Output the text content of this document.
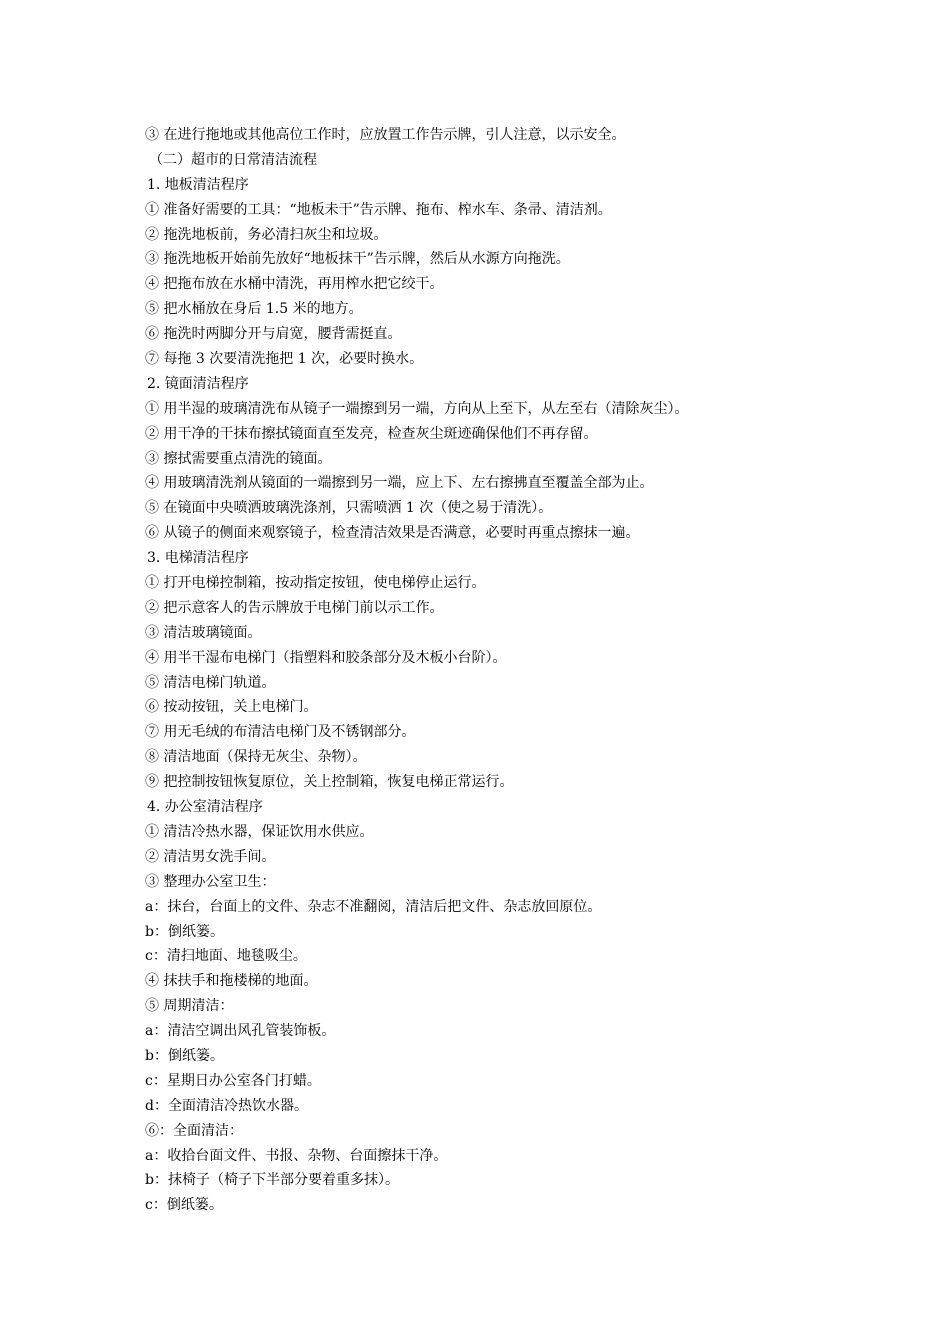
③ 在进行拖地或其他高位工作时，应放置工作告示牌，引人注意，以示安全。
（二）超市的日常清洁流程
1. 地板清洁程序
① 准备好需要的工具：“地板未干”告示牌、拖布、榨水车、条帚、清洁剂。
② 拖洗地板前，务必清扫灰尘和垃圾。
③ 拖洗地板开始前先放好“地板抹干”告示牌，然后从水源方向拖洗。
④ 把拖布放在水桶中清洗，再用榨水把它绞干。
⑤ 把水桶放在身后 1.5 米的地方。
⑥ 拖洗时两脚分开与肩宽，腰背需挺直。
⑦ 每拖 3 次要清洗拖把 1 次，必要时换水。
2. 镜面清洁程序
① 用半湿的玻璃清洗布从镜子一端擦到另一端，方向从上至下，从左至右（清除灰尘）。
② 用干净的干抹布擦拭镜面直至发亮，检查灰尘斑迹确保他们不再存留。
③ 擦拭需要重点清洗的镜面。
④ 用玻璃清洗剂从镜面的一端擦到另一端，应上下、左右擦拂直至覆盖全部为止。
⑤ 在镜面中央喷洒玻璃洗涤剂，只需喷洒 1 次（使之易于清洗）。
⑥ 从镜子的侧面来观察镜子，检查清洁效果是否满意，必要时再重点擦抹一遍。
3. 电梯清洁程序
① 打开电梯控制箱，按动指定按钮，使电梯停止运行。
② 把示意客人的告示牌放于电梯门前以示工作。
③ 清洁玻璃镜面。
④ 用半干湿布电梯门（指塑料和胶条部分及木板小台阶）。
⑤ 清洁电梯门轨道。
⑥ 按动按钮，关上电梯门。
⑦ 用无毛绒的布清洁电梯门及不锈钢部分。
⑧ 清洁地面（保持无灰尘、杂物）。
⑨ 把控制按钮恢复原位，关上控制箱，恢复电梯正常运行。
4. 办公室清洁程序
① 清洁冷热水器，保证饮用水供应。
② 清洁男女洗手间。
③ 整理办公室卫生：
a：抹台，台面上的文件、杂志不准翻阅，清洁后把文件、杂志放回原位。
b：倒纸篓。
c：清扫地面、地毯吸尘。
④ 抹扶手和拖楼梯的地面。
⑤ 周期清洁：
a：清洁空调出风孔管装饰板。
b：倒纸篓。
c：星期日办公室各门打蜡。
d：全面清洁冷热饮水器。
⑥：全面清洁：
a：收拾台面文件、书报、杂物、台面擦抹干净。
b：抹椅子（椅子下半部分要着重多抹）。
c：倒纸篓。
